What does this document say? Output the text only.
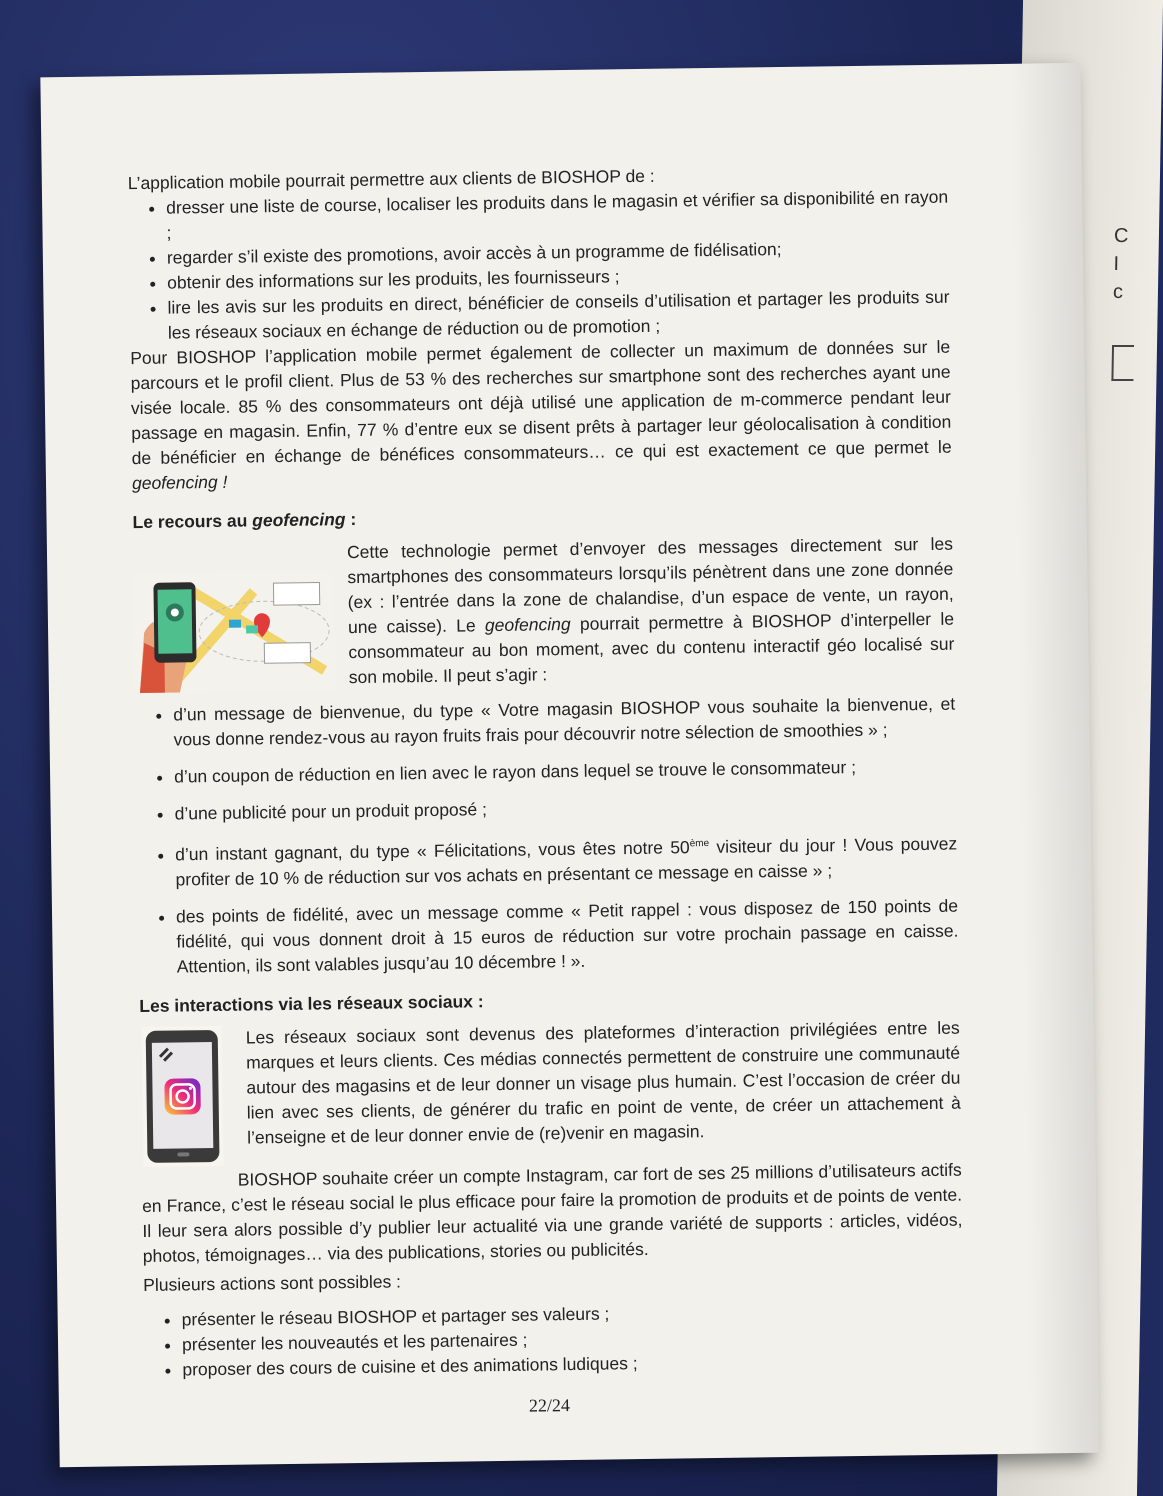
C
I
c

L’application mobile pourrait permettre aux clients de BIOSHOP de :

• dresser une liste de course, localiser les produits dans le magasin et vérifier sa disponibilité en rayon ;
• regarder s’il existe des promotions, avoir accès à un programme de fidélisation;
• obtenir des informations sur les produits, les fournisseurs ;
• lire les avis sur les produits en direct, bénéficier de conseils d’utilisation et partager les produits sur les réseaux sociaux en échange de réduction ou de promotion ;

Pour BIOSHOP l’application mobile permet également de collecter un maximum de données sur le parcours et le profil client. Plus de 53 % des recherches sur smartphone sont des recherches ayant une visée locale. 85 % des consommateurs ont déjà utilisé une application de m-commerce pendant leur passage en magasin. Enfin, 77 % d’entre eux se disent prêts à partager leur géolocalisation à condition de bénéficier en échange de bénéfices consommateurs… ce qui est exactement ce que permet le geofencing !

Le recours au geofencing :

Cette technologie permet d’envoyer des messages directement sur les smartphones des consommateurs lorsqu’ils pénètrent dans une zone donnée (ex : l’entrée dans la zone de chalandise, d’un espace de vente, un rayon, une caisse). Le geofencing pourrait permettre à BIOSHOP d’interpeller le consommateur au bon moment, avec du contenu interactif géo localisé sur son mobile. Il peut s’agir :

• d’un message de bienvenue, du type « Votre magasin BIOSHOP vous souhaite la bienvenue, et vous donne rendez-vous au rayon fruits frais pour découvrir notre sélection de smoothies » ;
• d’un coupon de réduction en lien avec le rayon dans lequel se trouve le consommateur ;
• d’une publicité pour un produit proposé ;
• d’un instant gagnant, du type « Félicitations, vous êtes notre 50ème visiteur du jour ! Vous pouvez profiter de 10 % de réduction sur vos achats en présentant ce message en caisse » ;
• des points de fidélité, avec un message comme « Petit rappel : vous disposez de 150 points de fidélité, qui vous donnent droit à 15 euros de réduction sur votre prochain passage en caisse. Attention, ils sont valables jusqu’au 10 décembre ! ».

Les interactions via les réseaux sociaux :

Les réseaux sociaux sont devenus des plateformes d’interaction privilégiées entre les marques et leurs clients. Ces médias connectés permettent de construire une communauté autour des magasins et de leur donner un visage plus humain. C’est l’occasion de créer du lien avec ses clients, de générer du trafic en point de vente, de créer un attachement à l’enseigne et de leur donner envie de (re)venir en magasin.

BIOSHOP souhaite créer un compte Instagram, car fort de ses 25 millions d’utilisateurs actifs en France, c’est le réseau social le plus efficace pour faire la promotion de produits et de points de vente. Il leur sera alors possible d’y publier leur actualité via une grande variété de supports : articles, vidéos, photos, témoignages… via des publications, stories ou publicités.

Plusieurs actions sont possibles :

• présenter le réseau BIOSHOP et partager ses valeurs ;
• présenter les nouveautés et les partenaires ;
• proposer des cours de cuisine et des animations ludiques ;
22/24
